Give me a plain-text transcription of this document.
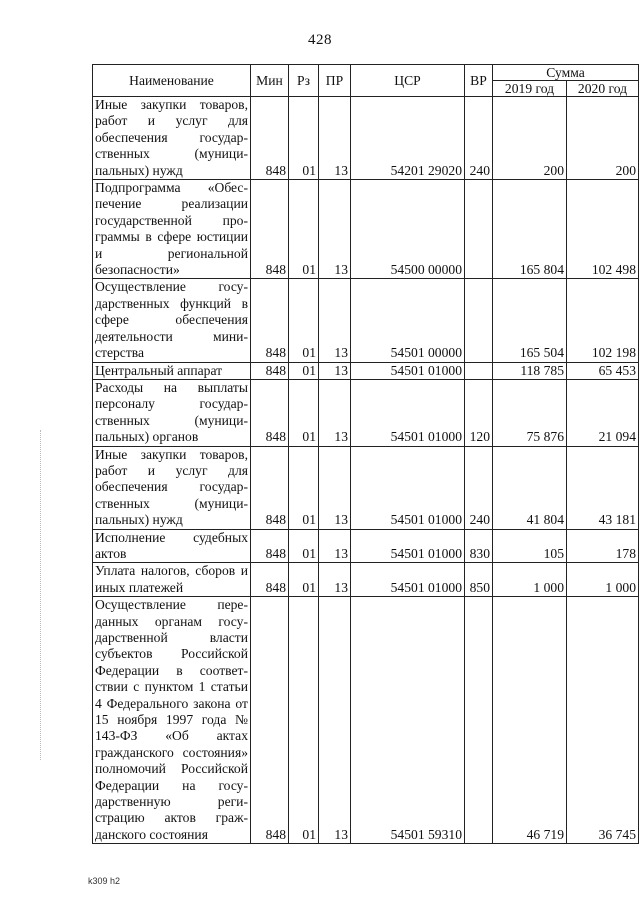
428
Наименование	Мин	Рз	ПР	ЦСР	ВР	Сумма	
						2019 год	2020 год
Иные закупки товаров, работ и услуг для обеспечения государственных (муниципальных) нужд	848	01	13	54201 29020	240	200	200
Подпрограмма «Обеспечение реализации государственной программы в сфере юстиции и региональной безопасности»	848	01	13	54500 00000		165 804	102 498
Осуществление государственных функций в сфере обеспечения деятельности министерства	848	01	13	54501 00000		165 504	102 198
Центральный аппарат	848	01	13	54501 01000		118 785	65 453
Расходы на выплаты персоналу государственных (муниципальных) органов	848	01	13	54501 01000	120	75 876	21 094
Иные закупки товаров, работ и услуг для обеспечения государственных (муниципальных) нужд	848	01	13	54501 01000	240	41 804	43 181
Исполнение судебных актов	848	01	13	54501 01000	830	105	178
Уплата налогов, сборов и иных платежей	848	01	13	54501 01000	850	1 000	1 000
Осуществление переданных органам государственной власти субъектов Российской Федерации в соответствии с пунктом 1 статьи 4 Федерального закона от 15 ноября 1997 года № 143-ФЗ «Об актах гражданского состояния» полномочий Российской Федерации на государственную регистрацию актов гражданского состояния	848	01	13	54501 59310		46 719	36 745
k309 h2
